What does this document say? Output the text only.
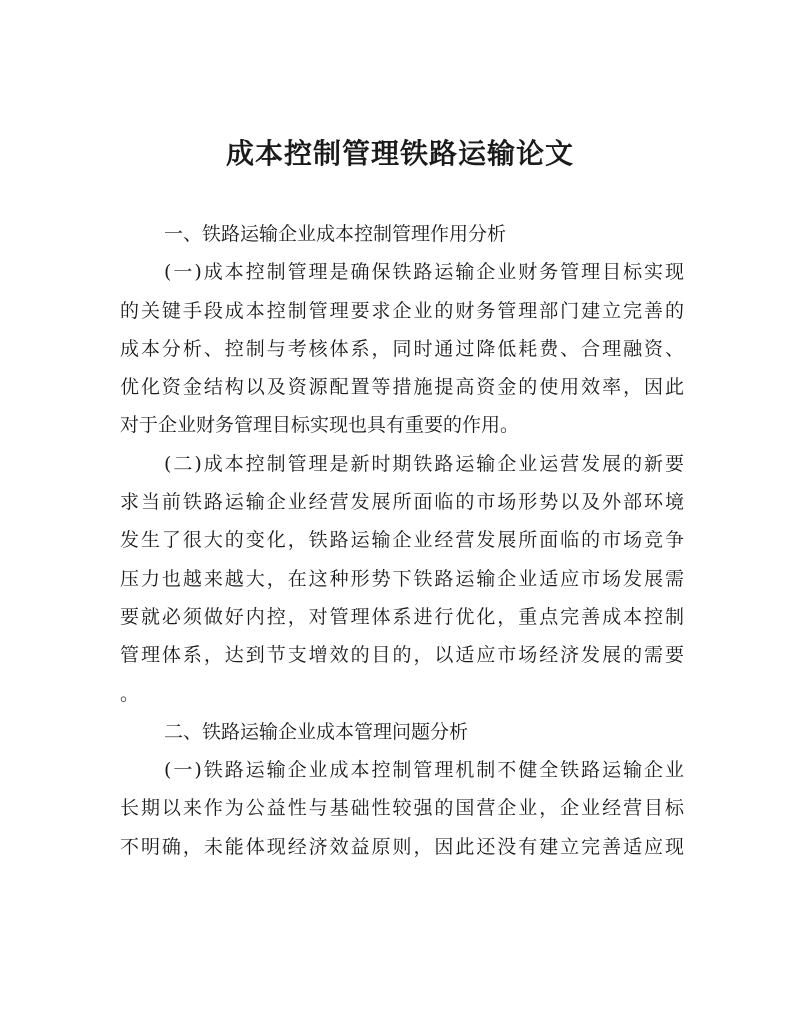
成本控制管理铁路运输论文
一、铁路运输企业成本控制管理作用分析
(一)成本控制管理是确保铁路运输企业财务管理目标实现
的关键手段成本控制管理要求企业的财务管理部门建立完善的
成本分析、控制与考核体系，同时通过降低耗费、合理融资、
优化资金结构以及资源配置等措施提高资金的使用效率，因此
对于企业财务管理目标实现也具有重要的作用。
(二)成本控制管理是新时期铁路运输企业运营发展的新要
求当前铁路运输企业经营发展所面临的市场形势以及外部环境
发生了很大的变化，铁路运输企业经营发展所面临的市场竞争
压力也越来越大，在这种形势下铁路运输企业适应市场发展需
要就必须做好内控，对管理体系进行优化，重点完善成本控制
管理体系，达到节支增效的目的，以适应市场经济发展的需要
。
二、铁路运输企业成本管理问题分析
(一)铁路运输企业成本控制管理机制不健全铁路运输企业
长期以来作为公益性与基础性较强的国营企业，企业经营目标
不明确，未能体现经济效益原则，因此还没有建立完善适应现
